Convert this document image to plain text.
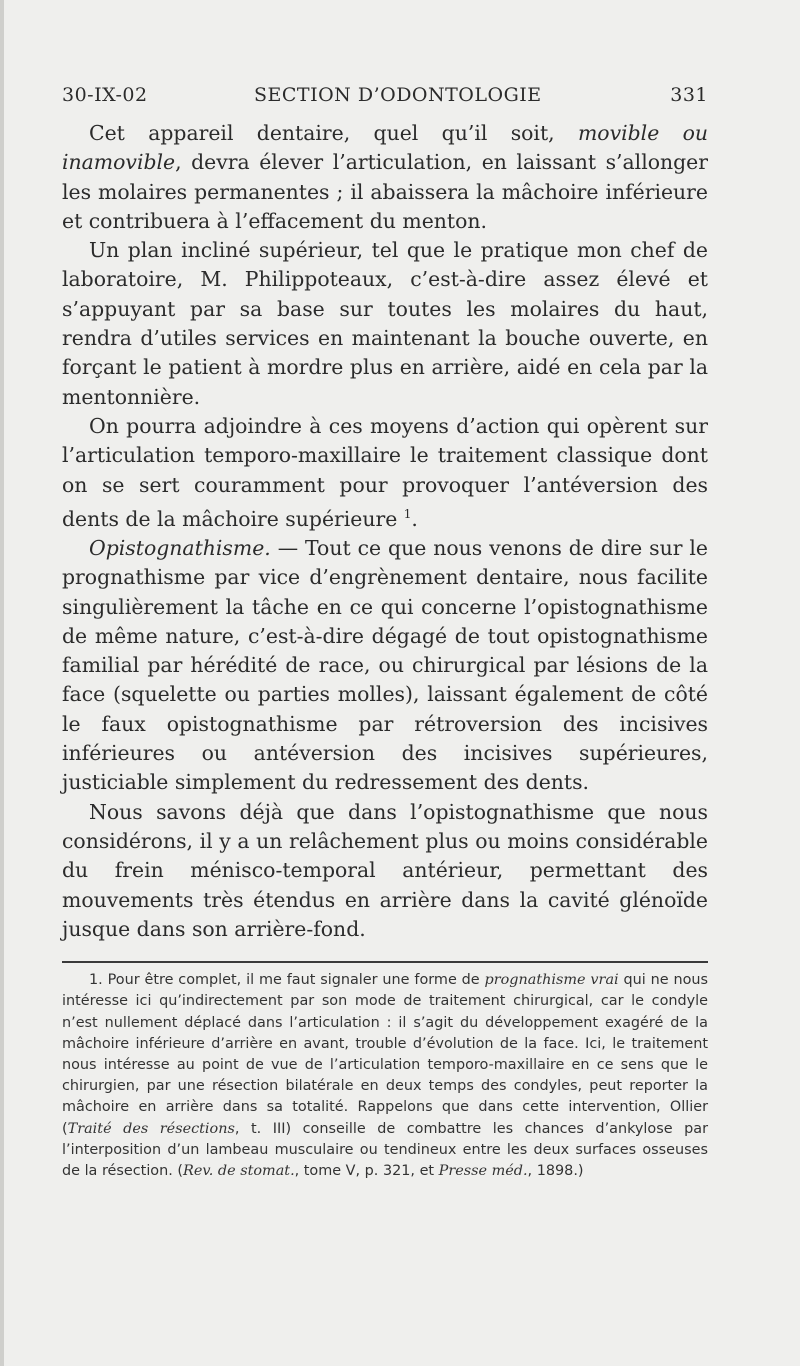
30-IX-02	SECTION D’ODONTOLOGIE	331

Cet appareil dentaire, quel qu’il soit, movible ou inamovible, devra élever l’articulation, en laissant s’allonger les molaires permanentes ; il abaissera la mâchoire inférieure et contribuera à l’effacement du menton.

Un plan incliné supérieur, tel que le pratique mon chef de laboratoire, M. Philippoteaux, c’est-à-dire assez élevé et s’appuyant par sa base sur toutes les molaires du haut, rendra d’utiles services en maintenant la bouche ouverte, en forçant le patient à mordre plus en arrière, aidé en cela par la mentonnière.

On pourra adjoindre à ces moyens d’action qui opèrent sur l’articulation temporo-maxillaire le traitement classique dont on se sert couramment pour provoquer l’antéversion des dents de la mâchoire supérieure $^1$.

Opistognathisme. — Tout ce que nous venons de dire sur le prognathisme par vice d’engrènement dentaire, nous facilite singulièrement la tâche en ce qui concerne l’opistognathisme de même nature, c’est-à-dire dégagé de tout opistognathisme familial par hérédité de race, ou chirurgical par lésions de la face (squelette ou parties molles), laissant également de côté le faux opistognathisme par rétroversion des incisives inférieures ou antéversion des incisives supérieures, justiciable simplement du redressement des dents.

Nous savons déjà que dans l’opistognathisme que nous considérons, il y a un relâchement plus ou moins considérable du frein ménisco-temporal antérieur, permettant des mouvements très étendus en arrière dans la cavité glénoïde jusque dans son arrière-fond.

1. Pour être complet, il me faut signaler une forme de prognathisme vrai qui ne nous intéresse ici qu’indirectement par son mode de traitement chirurgical, car le condyle n’est nullement déplacé dans l’articulation : il s’agit du développement exagéré de la mâchoire inférieure d’arrière en avant, trouble d’évolution de la face. Ici, le traitement nous intéresse au point de vue de l’articulation temporo-maxillaire en ce sens que le chirurgien, par une résection bilatérale en deux temps des condyles, peut reporter la mâchoire en arrière dans sa totalité. Rappelons que dans cette intervention, Ollier (Traité des résections, t. III) conseille de combattre les chances d’ankylose par l’interposition d’un lambeau musculaire ou tendineux entre les deux surfaces osseuses de la résection. (Rev. de stomat., tome V, p. 321, et Presse méd., 1898.)
